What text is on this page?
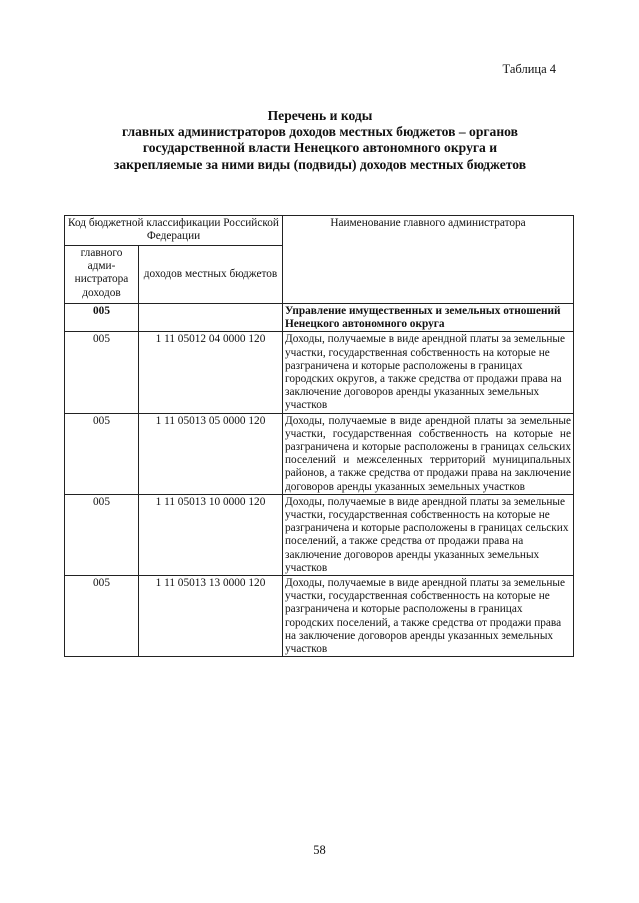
Таблица 4
Перечень и коды
главных администраторов доходов местных бюджетов – органов
государственной власти Ненецкого автономного округа и
закрепляемые за ними виды (подвиды) доходов местных бюджетов
Код бюджетной классификации Российской Федерации		Наименование главного администратора
главного адми-нистратора доходов	доходов местных бюджетов	
005		Управление имущественных и земельных отношений Ненецкого автономного округа
005	1 11 05012 04 0000 120	Доходы, получаемые в виде арендной платы за земельные участки, государственная собственность на которые не разграничена и которые расположены в границах городских округов, а также средства от продажи права на заключение договоров аренды указанных земельных участков
005	1 11 05013 05 0000 120	Доходы, получаемые в виде арендной платы за земельные участки, государственная собственность на которые не разграничена и которые расположены в границах сельских поселений и межселенных территорий муниципальных районов, а также средства от продажи права на заключение договоров аренды указанных земельных участков
005	1 11 05013 10 0000 120	Доходы, получаемые в виде арендной платы за земельные участки, государственная собственность на которые не разграничена и которые расположены в границах сельских поселений, а также средства от продажи права на заключение договоров аренды указанных земельных участков
005	1 11 05013 13 0000 120	Доходы, получаемые в виде арендной платы за земельные участки, государственная собственность на которые не разграничена и которые расположены в границах городских поселений, а также средства от продажи права на заключение договоров аренды указанных земельных участков
58
